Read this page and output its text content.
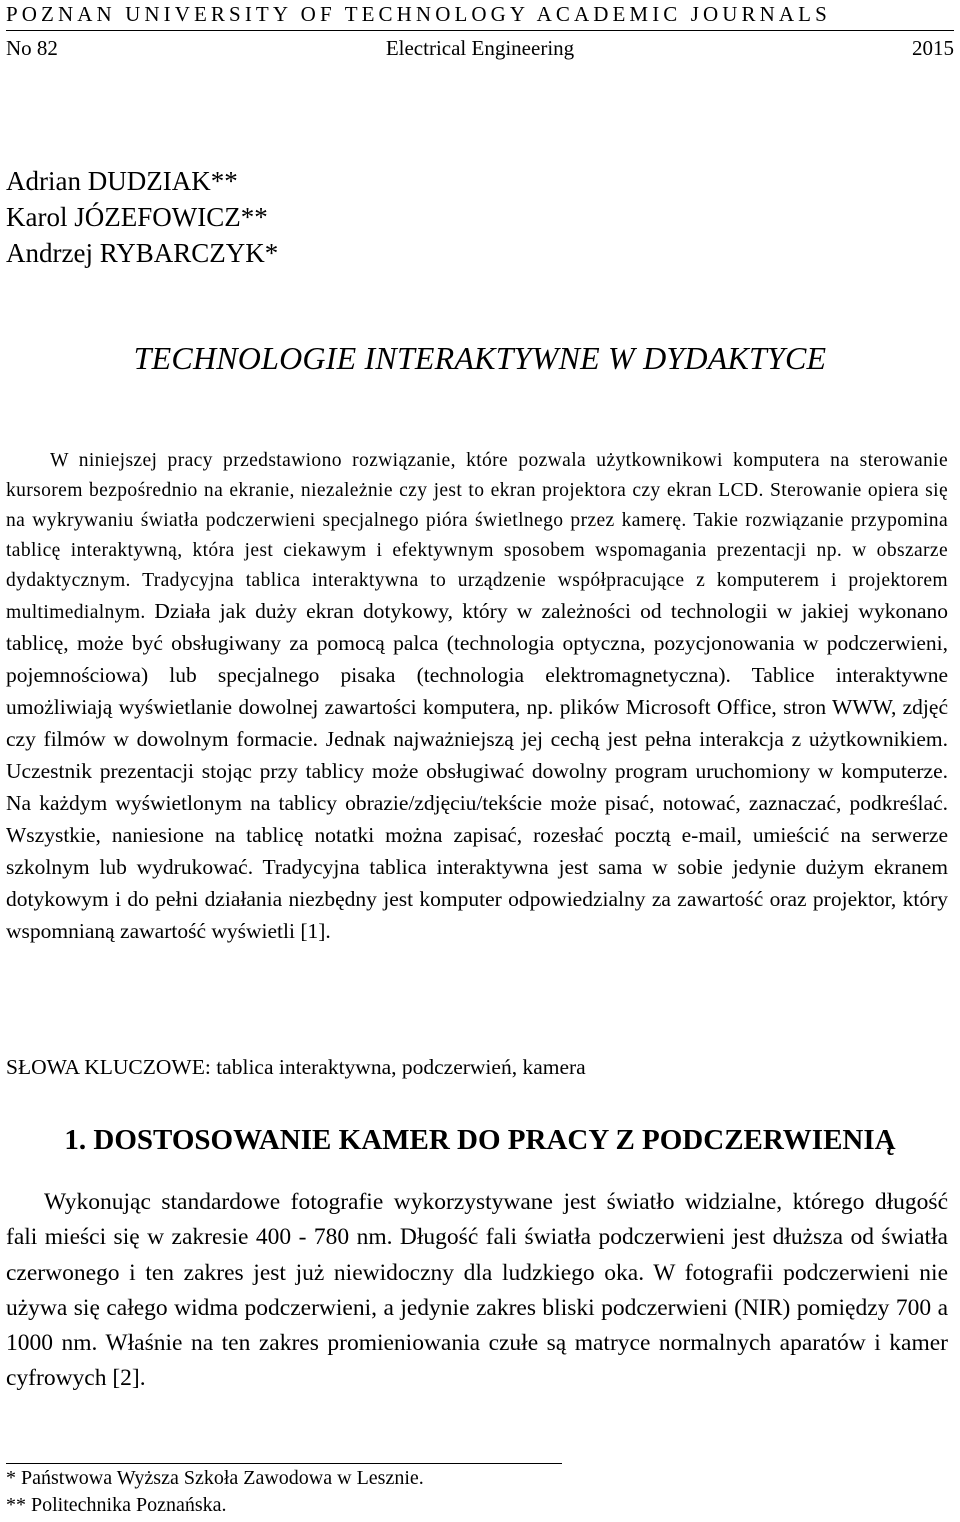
POZNAN UNIVERSITY OF TECHNOLOGY ACADEMIC JOURNALS
No 82	Electrical Engineering	2015
Adrian DUDZIAK**
Karol JÓZEFOWICZ**
Andrzej RYBARCZYK*
TECHNOLOGIE INTERAKTYWNE W DYDAKTYCE
W niniejszej pracy przedstawiono rozwiązanie, które pozwala użytkownikowi komputera na sterowanie kursorem bezpośrednio na ekranie, niezależnie czy jest to ekran projektora czy ekran LCD. Sterowanie opiera się na wykrywaniu światła podczerwieni specjalnego pióra świetlnego przez kamerę. Takie rozwiązanie przypomina tablicę interaktywną, która jest ciekawym i efektywnym sposobem wspomagania prezentacji np. w obszarze dydaktycznym. Tradycyjna tablica interaktywna to urządzenie współpracujące z komputerem i projektorem multimedialnym. Działa jak duży ekran dotykowy, który w zależności od technologii w jakiej wykonano tablicę, może być obsługiwany za pomocą palca (technologia optyczna, pozycjonowania w podczerwieni, pojemnościowa) lub specjalnego pisaka (technologia elektromagnetyczna). Tablice interaktywne umożliwiają wyświetlanie dowolnej zawartości komputera, np. plików Microsoft Office, stron WWW, zdjęć czy filmów w dowolnym formacie. Jednak najważniejszą jej cechą jest pełna interakcja z użytkownikiem. Uczestnik prezentacji stojąc przy tablicy może obsługiwać dowolny program uruchomiony w komputerze. Na każdym wyświetlonym na tablicy obrazie/zdjęciu/tekście może pisać, notować, zaznaczać, podkreślać. Wszystkie, naniesione na tablicę notatki można zapisać, rozesłać pocztą e-mail, umieścić na serwerze szkolnym lub wydrukować. Tradycyjna tablica interaktywna jest sama w sobie jedynie dużym ekranem dotykowym i do pełni działania niezbędny jest komputer odpowiedzialny za zawartość oraz projektor, który wspomnianą zawartość wyświetli [1].
SŁOWA KLUCZOWE: tablica interaktywna, podczerwień, kamera
1. DOSTOSOWANIE KAMER DO PRACY Z PODCZERWIENIĄ
Wykonując standardowe fotografie wykorzystywane jest światło widzialne, którego długość fali mieści się w zakresie 400 - 780 nm. Długość fali światła podczerwieni jest dłuższa od światła czerwonego i ten zakres jest już niewidoczny dla ludzkiego oka. W fotografii podczerwieni nie używa się całego widma podczerwieni, a jedynie zakres bliski podczerwieni (NIR) pomiędzy 700 a 1000 nm. Właśnie na ten zakres promieniowania czułe są matryce normalnych aparatów i kamer cyfrowych [2].
* Państwowa Wyższa Szkoła Zawodowa w Lesznie.
** Politechnika Poznańska.
